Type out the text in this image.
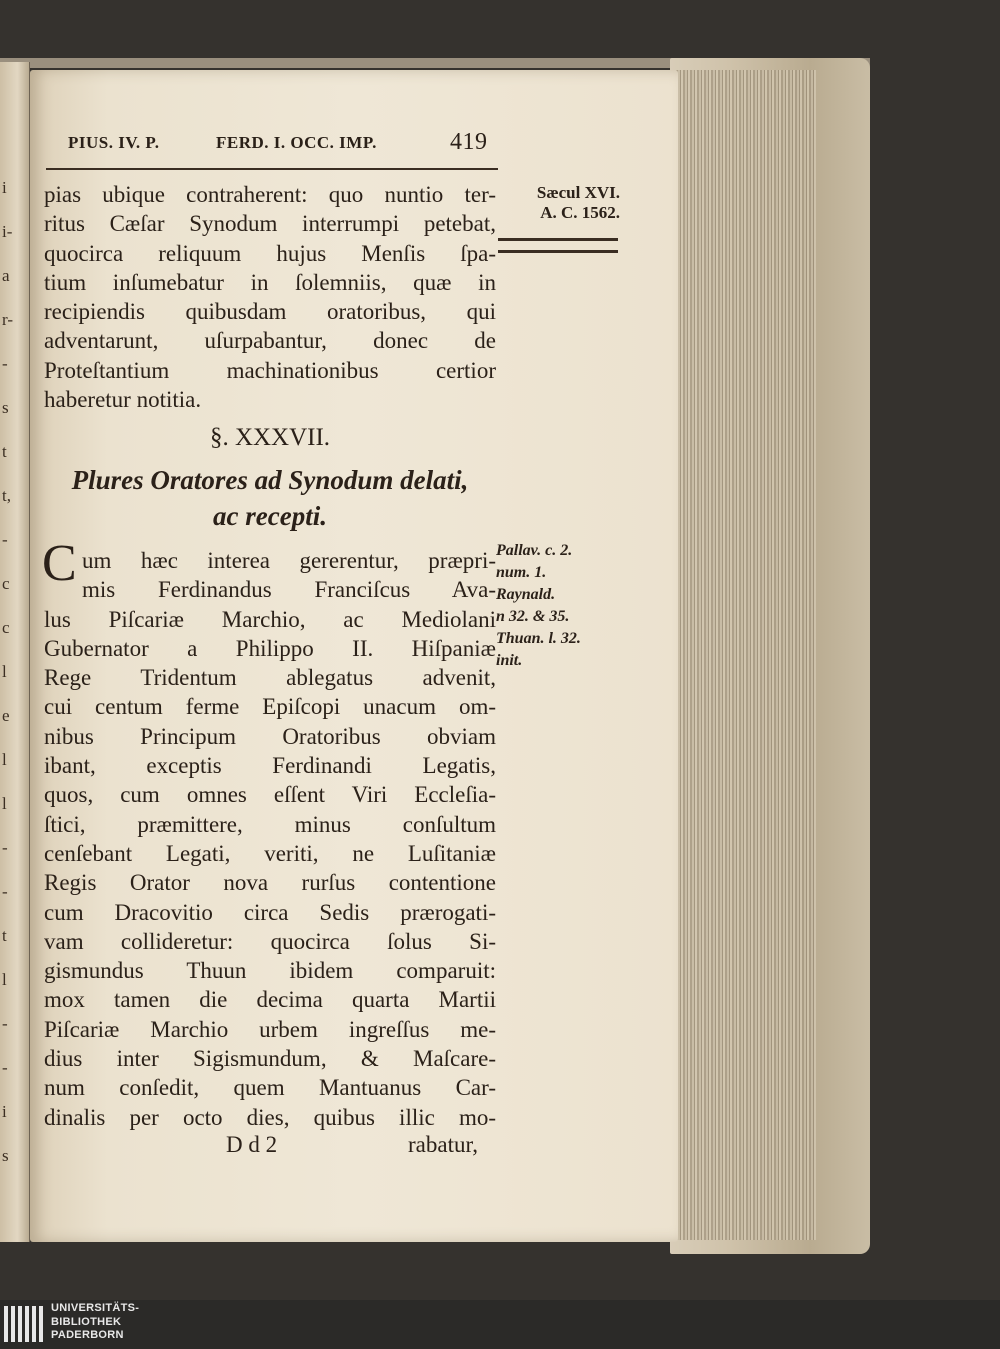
i
i-
a
r-
-
s
t
t,
-
c
c
l
e
l
l
-
-
t
l
-
-
i
s
PIUS. IV. P.	FERD. I. OCC. IMP.	419
Sæcul XVI.
A. C. 1562.
pias ubique contraherent: quo nuntio ter-
ritus Cæſar Synodum interrumpi petebat,
quocirca reliquum hujus Menſis ſpa-
tium inſumebatur in ſolemniis, quæ in
recipiendis quibusdam oratoribus, qui
adventarunt, uſurpabantur, donec de
Proteſtantium machinationibus certior
haberetur notitia.
§. XXXVII.
Plures Oratores ad Synodum delati,
ac recepti.
C um hæc interea gererentur, præpri-
mis Ferdinandus Franciſcus Ava-
lus Piſcariæ Marchio, ac Mediolani
Gubernator a Philippo II. Hiſpaniæ
Rege Tridentum ablegatus advenit,
cui centum ferme Epiſcopi unacum om-
nibus Principum Oratoribus obviam
ibant, exceptis Ferdinandi Legatis,
quos, cum omnes eſſent Viri Eccleſia-
ſtici, præmittere, minus conſultum
cenſebant Legati, veriti, ne Luſitaniæ
Regis Orator nova rurſus contentione
cum Dracovitio circa Sedis prærogati-
vam collideretur: quocirca ſolus Si-
gismundus Thuun ibidem comparuit:
mox tamen die decima quarta Martii
Piſcariæ Marchio urbem ingreſſus me-
dius inter Sigismundum, & Maſcare-
num conſedit, quem Mantuanus Car-
dinalis per octo dies, quibus illic mo-
Pallav. c. 2.
num. 1.
Raynald.
n 32. & 35.
Thuan. l. 32.
init.
D d 2	rabatur,
UNIVERSITÄTS-
BIBLIOTHEK
PADERBORN
